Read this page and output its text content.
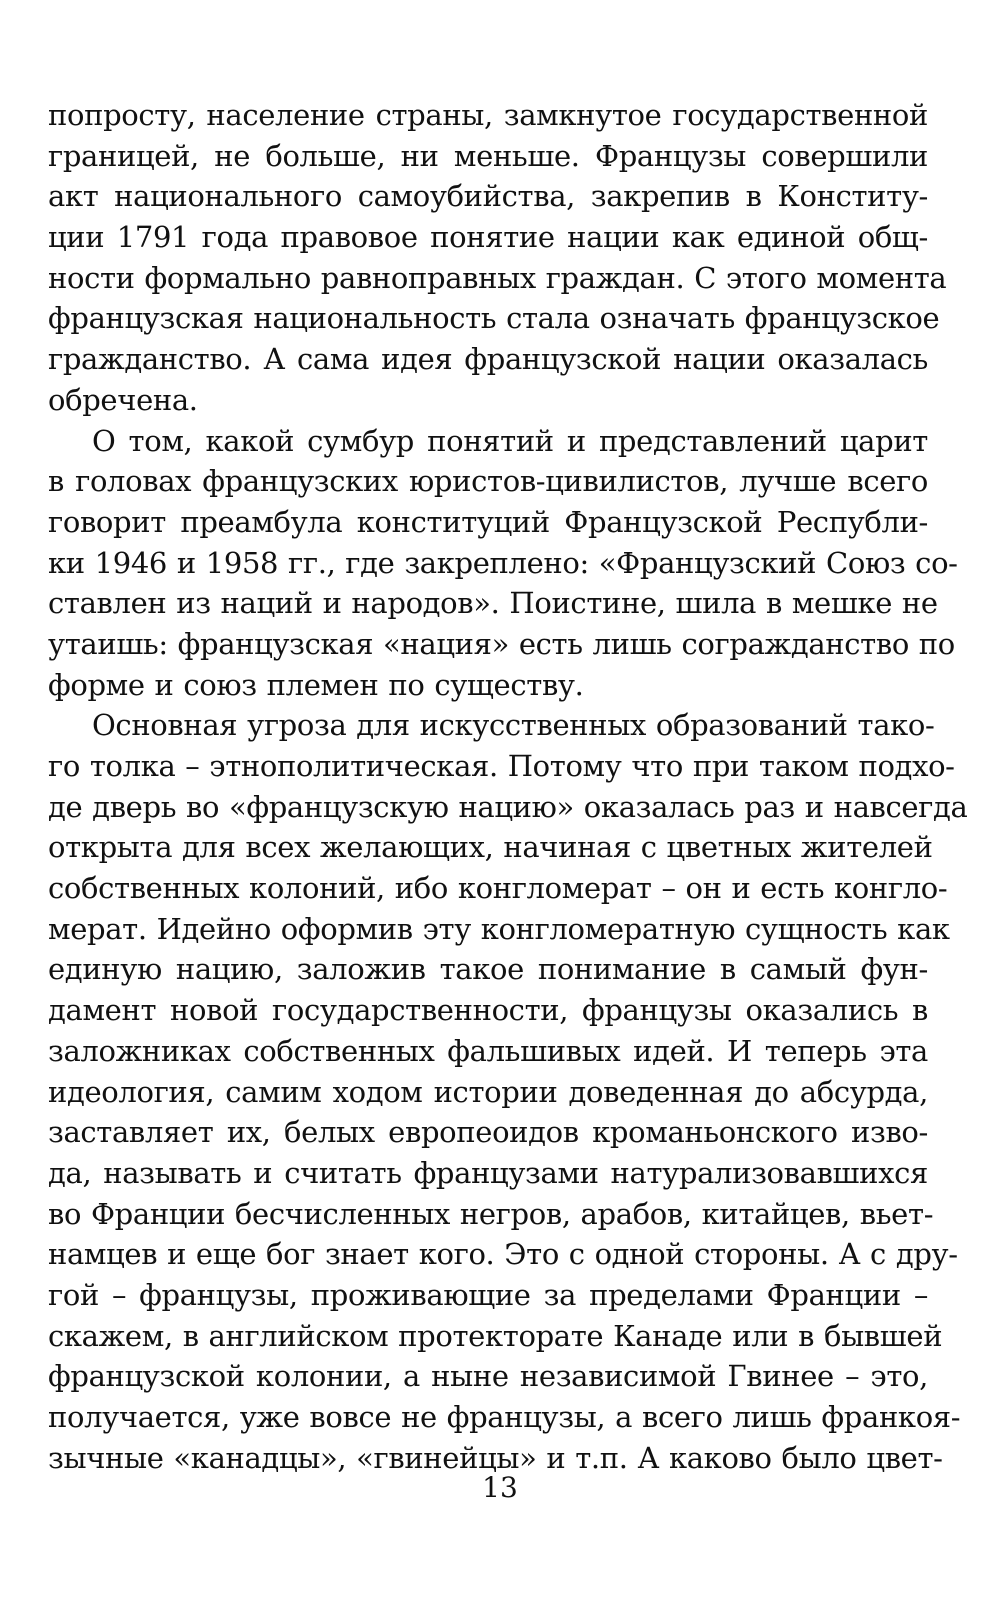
попросту, население страны, замкнутое государственной
границей, не больше, ни меньше. Французы совершили
акт национального самоубийства, закрепив в Конститу-
ции 1791 года правовое понятие нации как единой общ-
ности формально равноправных граждан. С этого момента
французская национальность стала означать французское
гражданство. А сама идея французской нации оказалась
обречена.
О том, какой сумбур понятий и представлений царит
в головах французских юристов-цивилистов, лучше всего
говорит преамбула конституций Французской Республи-
ки 1946 и 1958 гг., где закреплено: «Французский Союз со-
ставлен из наций и народов». Поистине, шила в мешке не
утаишь: французская «нация» есть лишь согражданство по
форме и союз племен по существу.
Основная угроза для искусственных образований тако-
го толка – этнополитическая. Потому что при таком подхо-
де дверь во «французскую нацию» оказалась раз и навсегда
открыта для всех желающих, начиная с цветных жителей
собственных колоний, ибо конгломерат – он и есть конгло-
мерат. Идейно оформив эту конгломератную сущность как
единую нацию, заложив такое понимание в самый фун-
дамент новой государственности, французы оказались в
заложниках собственных фальшивых идей. И теперь эта
идеология, самим ходом истории доведенная до абсурда,
заставляет их, белых европеоидов кроманьонского изво-
да, называть и считать французами натурализовавшихся
во Франции бесчисленных негров, арабов, китайцев, вьет-
намцев и еще бог знает кого. Это с одной стороны. А с дру-
гой – французы, проживающие за пределами Франции –
скажем, в английском протекторате Канаде или в бывшей
французской колонии, а ныне независимой Гвинее – это,
получается, уже вовсе не французы, а всего лишь франкоя-
зычные «канадцы», «гвинейцы» и т.п. А каково было цвет-
13
